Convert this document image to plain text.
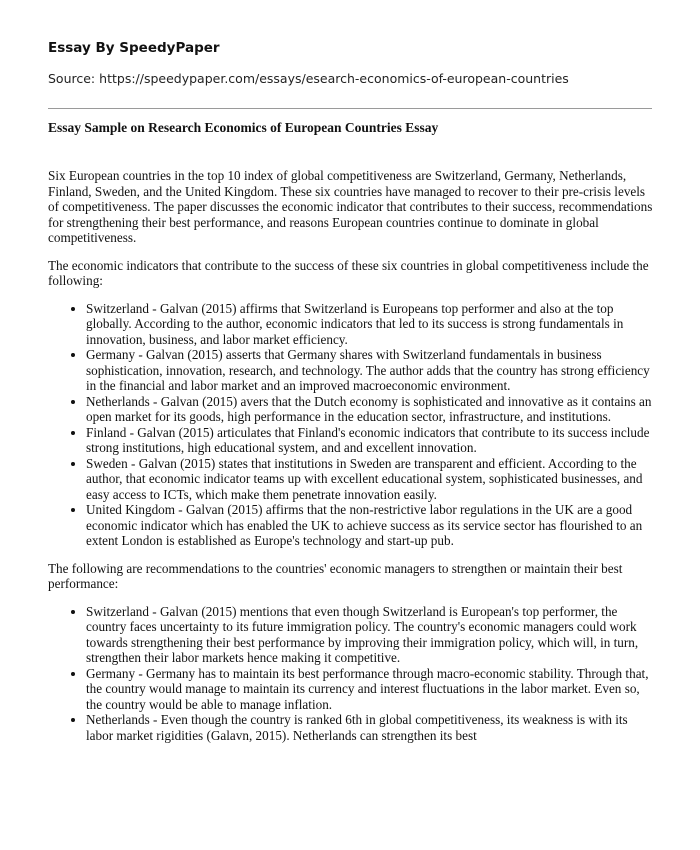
Essay By SpeedyPaper
Source: https://speedypaper.com/essays/esearch-economics-of-european-countries
Essay Sample on Research Economics of European Countries Essay

Six European countries in the top 10 index of global competitiveness are Switzerland, Germany, Netherlands, Finland, Sweden, and the United Kingdom. These six countries have managed to recover to their pre-crisis levels of competitiveness. The paper discusses the economic indicator that contributes to their success, recommendations for strengthening their best performance, and reasons European countries continue to dominate in global competitiveness.

The economic indicators that contribute to the success of these six countries in global competitiveness include the following:

• Switzerland - Galvan (2015) affirms that Switzerland is Europeans top performer and also at the top globally. According to the author, economic indicators that led to its success is strong fundamentals in innovation, business, and labor market efficiency.
• Germany - Galvan (2015) asserts that Germany shares with Switzerland fundamentals in business sophistication, innovation, research, and technology. The author adds that the country has strong efficiency in the financial and labor market and an improved macroeconomic environment.
• Netherlands - Galvan (2015) avers that the Dutch economy is sophisticated and innovative as it contains an open market for its goods, high performance in the education sector, infrastructure, and institutions.
• Finland - Galvan (2015) articulates that Finland's economic indicators that contribute to its success include strong institutions, high educational system, and and excellent innovation.
• Sweden - Galvan (2015) states that institutions in Sweden are transparent and efficient. According to the author, that economic indicator teams up with excellent educational system, sophisticated businesses, and easy access to ICTs, which make them penetrate innovation easily.
• United Kingdom - Galvan (2015) affirms that the non-restrictive labor regulations in the UK are a good economic indicator which has enabled the UK to achieve success as its service sector has flourished to an extent London is established as Europe's technology and start-up pub.

The following are recommendations to the countries' economic managers to strengthen or maintain their best performance:

• Switzerland - Galvan (2015) mentions that even though Switzerland is European's top performer, the country faces uncertainty to its future immigration policy. The country's economic managers could work towards strengthening their best performance by improving their immigration policy, which will, in turn, strengthen their labor markets hence making it competitive.
• Germany - Germany has to maintain its best performance through macro-economic stability. Through that, the country would manage to maintain its currency and interest fluctuations in the labor market. Even so, the country would be able to manage inflation.
• Netherlands - Even though the country is ranked 6th in global competitiveness, its weakness is with its labor market rigidities (Galavn, 2015). Netherlands can strengthen its best
